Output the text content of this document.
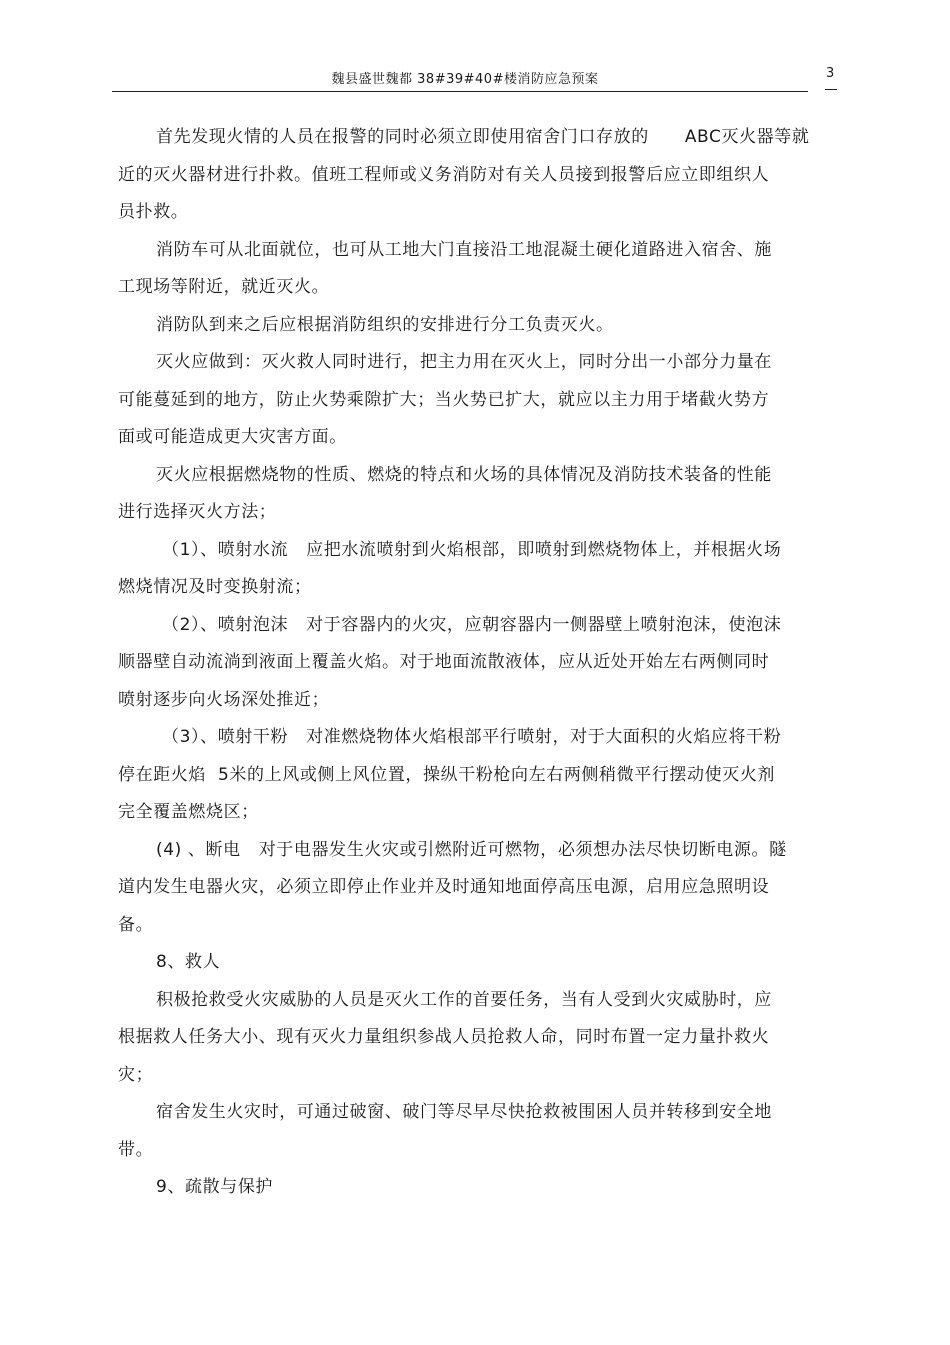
魏县盛世魏都 38#39#40#楼消防应急预案	3
首先发现火情的人员在报警的同时必须立即使用宿舍门口存放的      ABC灭火器等就
近的灭火器材进行扑救。值班工程师或义务消防对有关人员接到报警后应立即组织人
员扑救。
消防车可从北面就位，也可从工地大门直接沿工地混凝土硬化道路进入宿舍、施
工现场等附近，就近灭火。
消防队到来之后应根据消防组织的安排进行分工负责灭火。
灭火应做到：灭火救人同时进行，把主力用在灭火上，同时分出一小部分力量在
可能蔓延到的地方，防止火势乘隙扩大；当火势已扩大，就应以主力用于堵截火势方
面或可能造成更大灾害方面。
灭火应根据燃烧物的性质、燃烧的特点和火场的具体情况及消防技术装备的性能
进行选择灭火方法；
（1）、喷射水流   应把水流喷射到火焰根部，即喷射到燃烧物体上，并根据火场
燃烧情况及时变换射流；
（2）、喷射泡沫   对于容器内的火灾，应朝容器内一侧器壁上喷射泡沫，使泡沫
顺器壁自动流淌到液面上覆盖火焰。对于地面流散液体，应从近处开始左右两侧同时
喷射逐步向火场深处推近；
（3）、喷射干粉   对准燃烧物体火焰根部平行喷射，对于大面积的火焰应将干粉
停在距火焰  5米的上风或侧上风位置，操纵干粉枪向左右两侧稍微平行摆动使灭火剂
完全覆盖燃烧区；
(4) 、断电   对于电器发生火灾或引燃附近可燃物，必须想办法尽快切断电源。隧
道内发生电器火灾，必须立即停止作业并及时通知地面停高压电源，启用应急照明设
备。
8、救人
积极抢救受火灾威胁的人员是灭火工作的首要任务，当有人受到火灾威胁时，应
根据救人任务大小、现有灭火力量组织参战人员抢救人命，同时布置一定力量扑救火
灾；
宿舍发生火灾时，可通过破窗、破门等尽早尽快抢救被围困人员并转移到安全地
带。
9、疏散与保护
